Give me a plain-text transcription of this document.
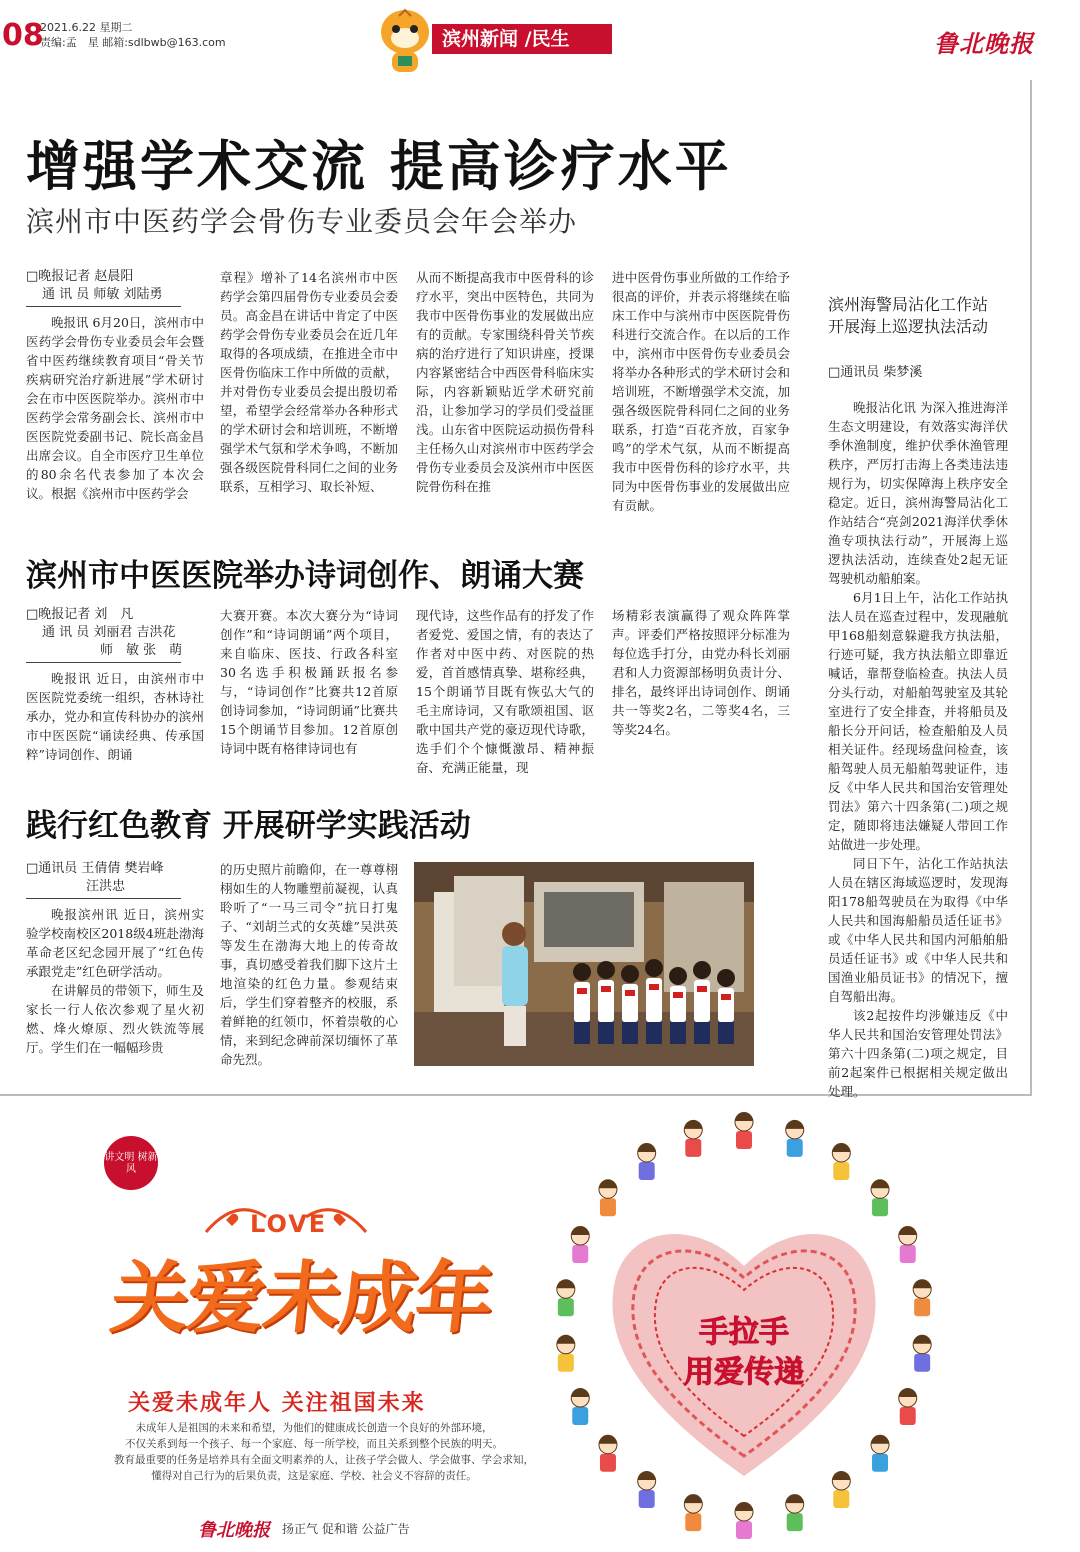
08
2021.6.22 星期二
责编:孟　星 邮箱:sdlbwb@163.com	滨州新闻 /民生	鲁北晚报
增强学术交流 提高诊疗水平
滨州市中医药学会骨伤专业委员会年会举办
□晚报记者 赵晨阳
通 讯 员 师敏 刘陆勇

晚报讯 6月20日，滨州市中医药学会骨伤专业委员会年会暨省中医药继续教育项目“骨关节疾病研究治疗新进展”学术研讨会在市中医医院举办。滨州市中医药学会常务副会长、滨州市中医医院党委副书记、院长高金昌出席会议。自全市医疗卫生单位的80余名代表参加了本次会议。根据《滨州市中医药学会

章程》增补了14名滨州市中医药学会第四届骨伤专业委员会委员。高金昌在讲话中肯定了中医药学会骨伤专业委员会在近几年取得的各项成绩，在推进全市中医骨伤临床工作中所做的贡献，并对骨伤专业委员会提出殷切希望，希望学会经常举办各种形式的学术研讨会和培训班，不断增强学术气氛和学术争鸣，不断加强各级医院骨科同仁之间的业务联系，互相学习、取长补短、

从而不断提高我市中医骨科的诊疗水平，突出中医特色，共同为我市中医骨伤事业的发展做出应有的贡献。专家围绕科骨关节疾病的治疗进行了知识讲座，授课内容紧密结合中西医骨科临床实际，内容新颖贴近学术研究前沿，让参加学习的学员们受益匪浅。山东省中医院运动损伤骨科主任杨久山对滨州市中医药学会骨伤专业委员会及滨州市中医医院骨伤科在推

进中医骨伤事业所做的工作给予很高的评价，并表示将继续在临床工作中与滨州市中医医院骨伤科进行交流合作。在以后的工作中，滨州市中医骨伤专业委员会将举办各种形式的学术研讨会和培训班，不断增强学术交流，加强各级医院骨科同仁之间的业务联系，打造“百花齐放，百家争鸣”的学术气氛，从而不断提高我市中医骨伤科的诊疗水平，共同为中医骨伤事业的发展做出应有贡献。

滨州市中医医院举办诗词创作、朗诵大赛
□晚报记者 刘　凡
通 讯 员 刘丽君 吉洪花
师　敏 张　萌

晚报讯 近日，由滨州市中医医院党委统一组织，杏林诗社承办，党办和宣传科协办的滨州市中医医院“诵读经典、传承国粹”诗词创作、朗诵

大赛开赛。本次大赛分为“诗词创作”和“诗词朗诵”两个项目，来自临床、医技、行政各科室30名选手积极踊跃报名参与，“诗词创作”比赛共12首原创诗词参加，“诗词朗诵”比赛共15个朗诵节目参加。12首原创诗词中既有格律诗词也有

现代诗，这些作品有的抒发了作者爱党、爱国之情，有的表达了作者对中医中药、对医院的热爱，首首感情真挚、堪称经典，15个朗诵节目既有恢弘大气的毛主席诗词，又有歌颂祖国、讴歌中国共产党的豪迈现代诗歌，选手们个个慷慨激昂、精神振奋、充满正能量，现

场精彩表演赢得了观众阵阵掌声。评委们严格按照评分标准为每位选手打分，由党办科长刘丽君和人力资源部杨明负责计分、排名，最终评出诗词创作、朗诵共一等奖2名，二等奖4名，三等奖24名。

践行红色教育 开展研学实践活动
□通讯员 王倩倩 樊岩峰
汪洪忠

晚报滨州讯 近日，滨州实验学校南校区2018级4班赴渤海革命老区纪念园开展了“红色传承跟党走”红色研学活动。

在讲解员的带领下，师生及家长一行人依次参观了星火初燃、烽火燎原、烈火铁流等展厅。学生们在一幅幅珍贵

的历史照片前瞻仰，在一尊尊栩栩如生的人物雕塑前凝视，认真聆听了“一马三司令”抗日打鬼子、“刘胡兰式的女英雄”吴洪英等发生在渤海大地上的传奇故事，真切感受着我们脚下这片土地渲染的红色力量。参观结束后，学生们穿着整齐的校服，系着鲜艳的红领巾，怀着崇敬的心情，来到纪念碑前深切缅怀了革命先烈。

滨州海警局沾化工作站
开展海上巡逻执法活动
□通讯员 柴梦溪

晚报沾化讯 为深入推进海洋生态文明建设，有效落实海洋伏季休渔制度，维护伏季休渔管理秩序，严厉打击海上各类违法违规行为，切实保障海上秩序安全稳定。近日，滨州海警局沾化工作站结合“亮剑2021海洋伏季休渔专项执法行动”，开展海上巡逻执法活动，连续查处2起无证驾驶机动船舶案。

6月1日上午，沾化工作站执法人员在巡查过程中，发现融航甲168船刻意躲避我方执法船，行迹可疑，我方执法船立即靠近喊话，靠帮登临检查。执法人员分头行动，对船舶驾驶室及其轮室进行了安全排查，并将船员及船长分开问话，检查船舶及人员相关证件。经现场盘问检查，该船驾驶人员无船舶驾驶证件，违反《中华人民共和国治安管理处罚法》第六十四条第(二)项之规定，随即将违法嫌疑人带回工作站做进一步处理。

同日下午，沾化工作站执法人员在辖区海域巡逻时，发现海阳178船驾驶员在为取得《中华人民共和国海船船员适任证书》或《中华人民共和国内河船舶船员适任证书》或《中华人民共和国渔业船员证书》的情况下，擅自驾船出海。

该2起按件均涉嫌违反《中华人民共和国治安管理处罚法》第六十四条第(二)项之规定，目前2起案件已根据相关规定做出处理。

讲文明 树新风
LOVE
关爱未成年
关爱未成年人 关注祖国未来
未成年人是祖国的未来和希望，为他们的健康成长创造一个良好的外部环境，
不仅关系到每一个孩子、每一个家庭、每一所学校，而且关系到整个民族的明天。
教育最重要的任务是培养具有全面文明素养的人，让孩子学会做人、学会做事、学会求知，
懂得对自己行为的后果负责，这是家庭、学校、社会义不容辞的责任。
鲁北晚报 扬正气 促和谐 公益广告
手拉手
用爱传递
